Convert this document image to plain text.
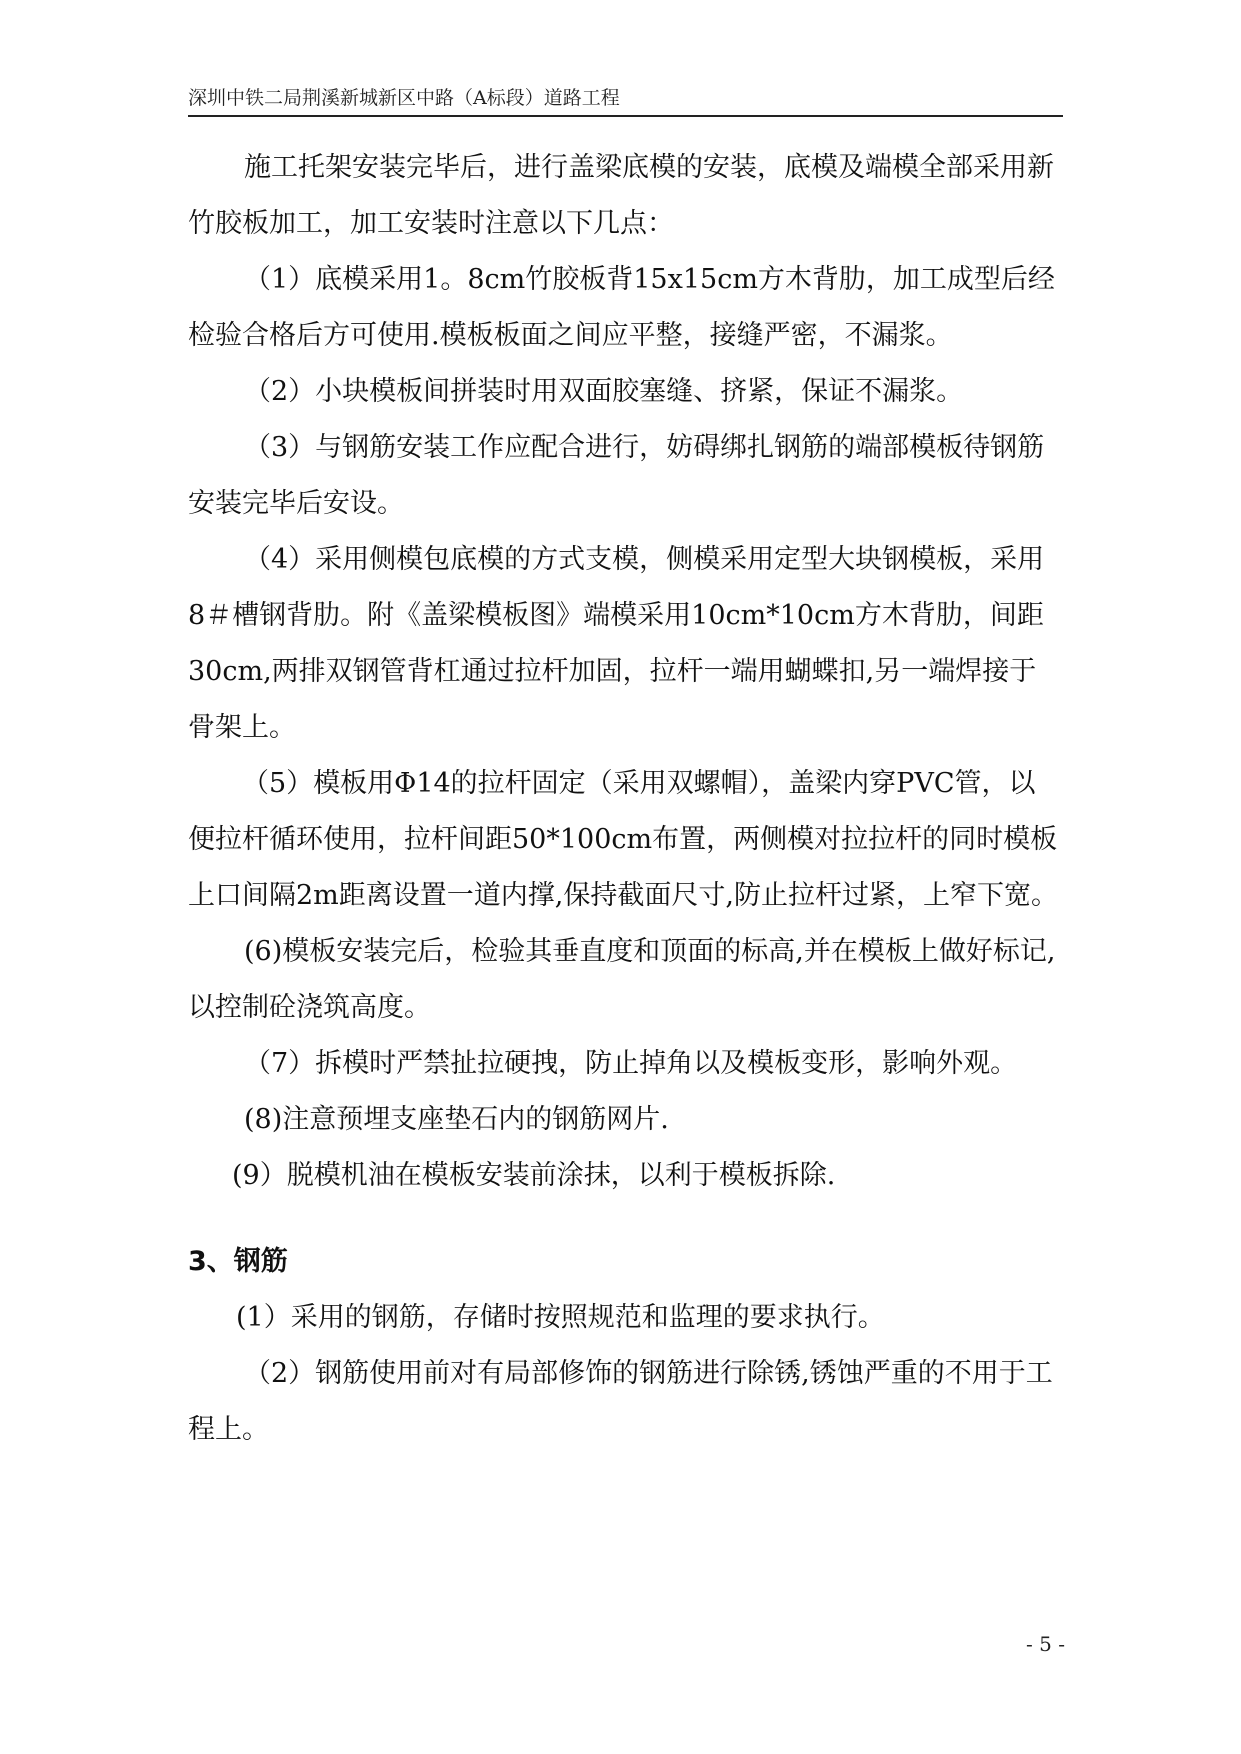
深圳中铁二局荆溪新城新区中路（A标段）道路工程

施工托架安装完毕后，进行盖梁底模的安装，底模及端模全部采用新竹胶板加工，加工安装时注意以下几点：

（1）底模采用1。8cm竹胶板背15x15cm方木背肋，加工成型后经检验合格后方可使用.模板板面之间应平整，接缝严密，不漏浆。

（2）小块模板间拼装时用双面胶塞缝、挤紧，保证不漏浆。

（3）与钢筋安装工作应配合进行，妨碍绑扎钢筋的端部模板待钢筋安装完毕后安设。

（4）采用侧模包底模的方式支模，侧模采用定型大块钢模板，采用8＃槽钢背肋。附《盖梁模板图》端模采用10cm*10cm方木背肋，间距30cm,两排双钢管背杠通过拉杆加固，拉杆一端用蝴蝶扣,另一端焊接于骨架上。

（5）模板用Φ14的拉杆固定（采用双螺帽），盖梁内穿PVC管，以便拉杆循环使用，拉杆间距50*100cm布置，两侧模对拉拉杆的同时模板上口间隔2m距离设置一道内撑,保持截面尺寸,防止拉杆过紧，上窄下宽。

(6)模板安装完后，检验其垂直度和顶面的标高,并在模板上做好标记,以控制砼浇筑高度。

（7）拆模时严禁扯拉硬拽，防止掉角以及模板变形，影响外观。

(8)注意预埋支座垫石内的钢筋网片.

(9）脱模机油在模板安装前涂抹，以利于模板拆除.

3、钢筋

(1）采用的钢筋，存储时按照规范和监理的要求执行。

（2）钢筋使用前对有局部修饰的钢筋进行除锈,锈蚀严重的不用于工程上。

- 5 -
